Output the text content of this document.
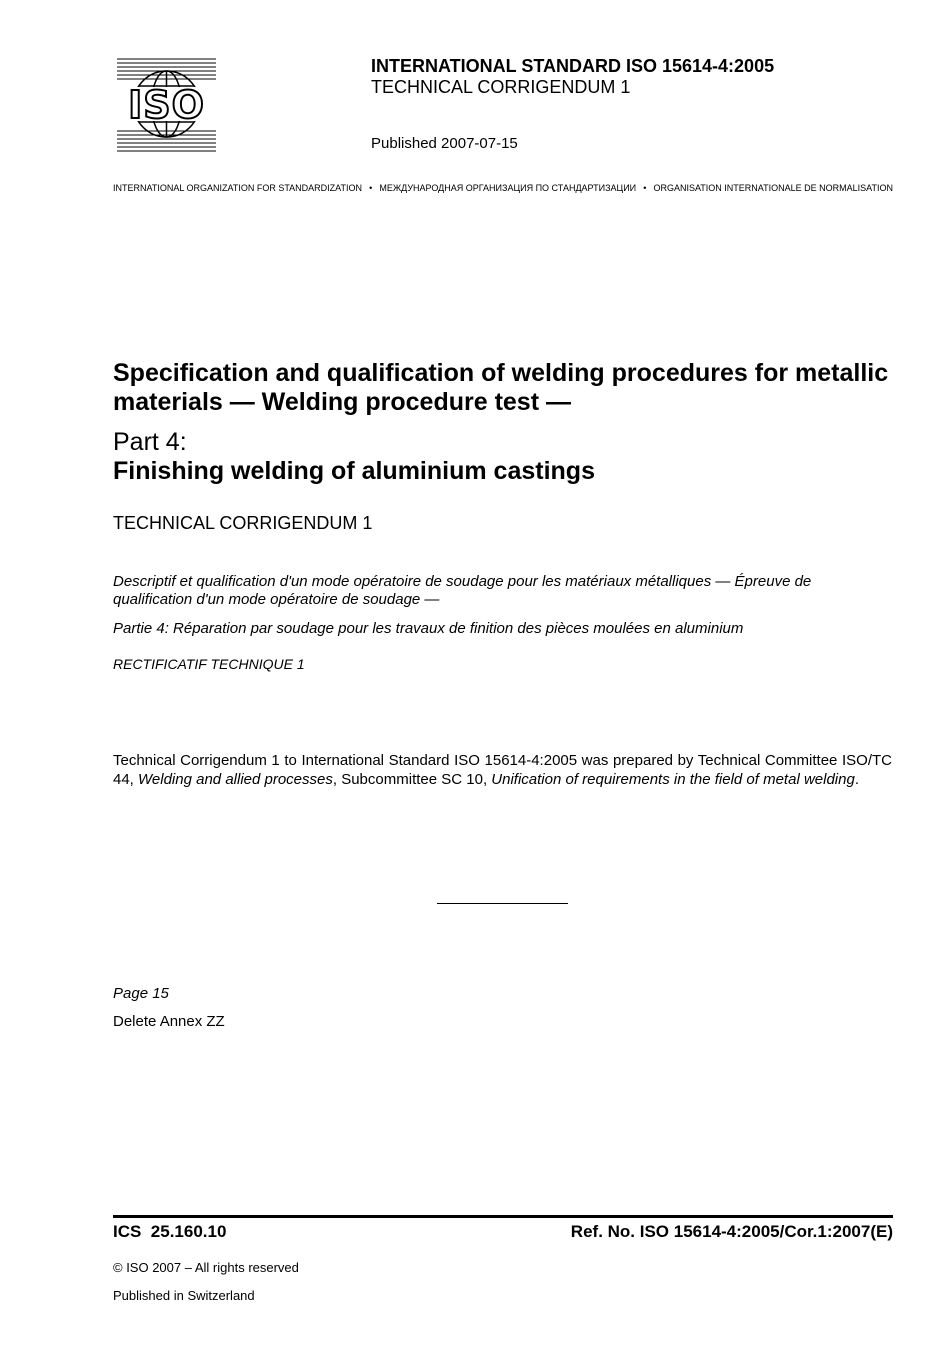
ISO
INTERNATIONAL STANDARD ISO 15614-4:2005
TECHNICAL CORRIGENDUM 1
Published 2007-07-15
INTERNATIONAL ORGANIZATION FOR STANDARDIZATION • МЕЖДУНАРОДНАЯ ОРГАНИЗАЦИЯ ПО СТАНДАРТИЗАЦИИ • ORGANISATION INTERNATIONALE DE NORMALISATION
Specification and qualification of welding procedures for metallic materials — Welding procedure test —
Part 4:
Finishing welding of aluminium castings
TECHNICAL CORRIGENDUM 1
Descriptif et qualification d'un mode opératoire de soudage pour les matériaux métalliques — Épreuve de qualification d'un mode opératoire de soudage —
Partie 4: Réparation par soudage pour les travaux de finition des pièces moulées en aluminium
RECTIFICATIF TECHNIQUE 1
Technical Corrigendum 1 to International Standard ISO 15614-4:2005 was prepared by Technical Committee ISO/TC 44, Welding and allied processes, Subcommittee SC 10, Unification of requirements in the field of metal welding.
Page 15
Delete Annex ZZ
ICS  25.160.10	Ref. No. ISO 15614-4:2005/Cor.1:2007(E)
© ISO 2007 – All rights reserved
Published in Switzerland
